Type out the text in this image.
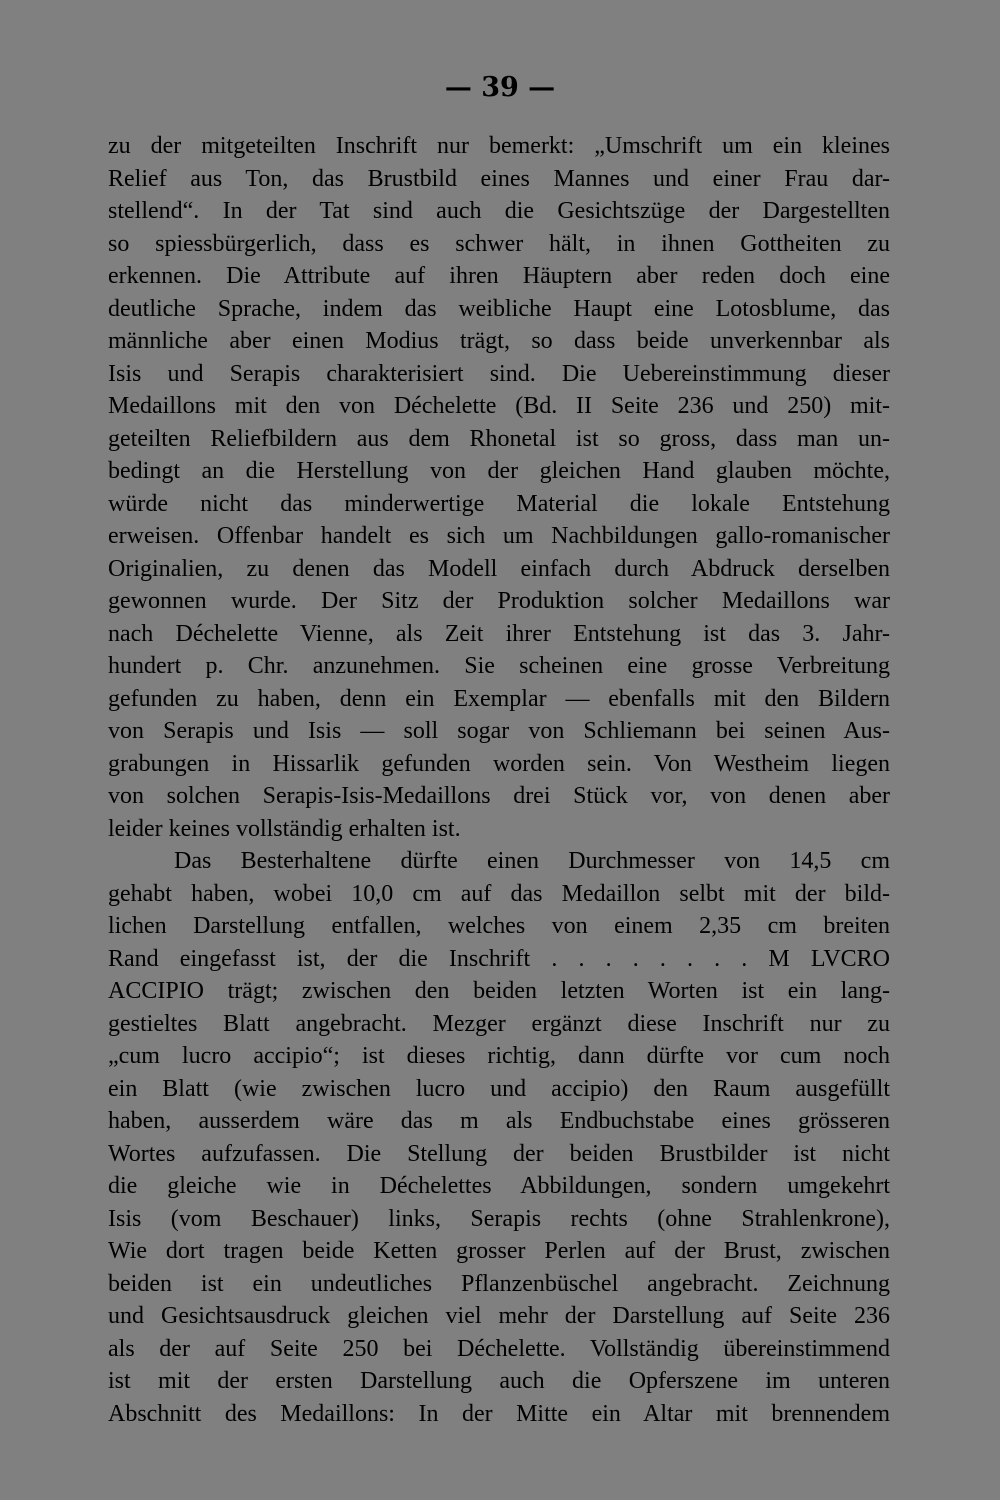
— 39 —
zu der mitgeteilten Inschrift nur bemerkt: „Umschrift um ein kleines
Relief aus Ton, das Brustbild eines Mannes und einer Frau dar-
stellend“. In der Tat sind auch die Gesichtszüge der Dargestellten
so spiessbürgerlich, dass es schwer hält, in ihnen Gottheiten zu
erkennen. Die Attribute auf ihren Häuptern aber reden doch eine
deutliche Sprache, indem das weibliche Haupt eine Lotosblume, das
männliche aber einen Modius trägt, so dass beide unverkennbar als
Isis und Serapis charakterisiert sind. Die Uebereinstimmung dieser
Medaillons mit den von Déchelette (Bd. II Seite 236 und 250) mit-
geteilten Reliefbildern aus dem Rhonetal ist so gross, dass man un-
bedingt an die Herstellung von der gleichen Hand glauben möchte,
würde nicht das minderwertige Material die lokale Entstehung
erweisen. Offenbar handelt es sich um Nachbildungen gallo-romanischer
Originalien, zu denen das Modell einfach durch Abdruck derselben
gewonnen wurde. Der Sitz der Produktion solcher Medaillons war
nach Déchelette Vienne, als Zeit ihrer Entstehung ist das 3. Jahr-
hundert p. Chr. anzunehmen. Sie scheinen eine grosse Verbreitung
gefunden zu haben, denn ein Exemplar — ebenfalls mit den Bildern
von Serapis und Isis — soll sogar von Schliemann bei seinen Aus-
grabungen in Hissarlik gefunden worden sein. Von Westheim liegen
von solchen Serapis-Isis-Medaillons drei Stück vor, von denen aber
leider keines vollständig erhalten ist.
Das Besterhaltene dürfte einen Durchmesser von 14,5 cm
gehabt haben, wobei 10,0 cm auf das Medaillon selbt mit der bild-
lichen Darstellung entfallen, welches von einem 2,35 cm breiten
Rand eingefasst ist, der die Inschrift . . . . . . . . M LVCRO
ACCIPIO trägt; zwischen den beiden letzten Worten ist ein lang-
gestieltes Blatt angebracht. Mezger ergänzt diese Inschrift nur zu
„cum lucro accipio“; ist dieses richtig, dann dürfte vor cum noch
ein Blatt (wie zwischen lucro und accipio) den Raum ausgefüllt
haben, ausserdem wäre das m als Endbuchstabe eines grösseren
Wortes aufzufassen. Die Stellung der beiden Brustbilder ist nicht
die gleiche wie in Déchelettes Abbildungen, sondern umgekehrt
Isis (vom Beschauer) links, Serapis rechts (ohne Strahlenkrone),
Wie dort tragen beide Ketten grosser Perlen auf der Brust, zwischen
beiden ist ein undeutliches Pflanzenbüschel angebracht. Zeichnung
und Gesichtsausdruck gleichen viel mehr der Darstellung auf Seite 236
als der auf Seite 250 bei Déchelette. Vollständig übereinstimmend
ist mit der ersten Darstellung auch die Opferszene im unteren
Abschnitt des Medaillons: In der Mitte ein Altar mit brennendem
